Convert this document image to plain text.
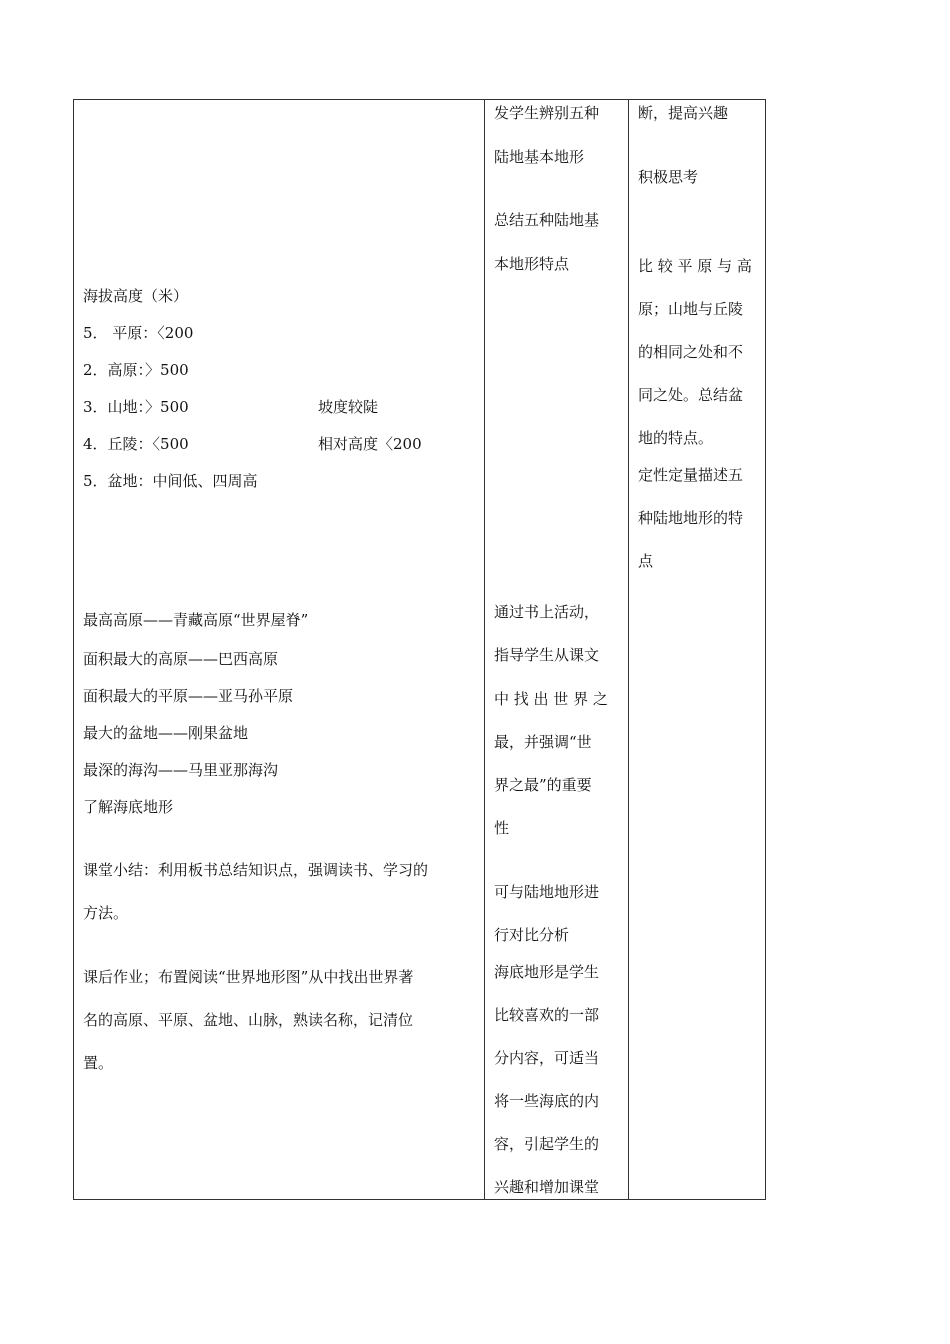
海拔高度（米）
5． 平原：〈200
2．高原：〉500
3．山地：〉500	坡度较陡
4．丘陵：〈500	相对高度〈200
5．盆地：中间低、四周高
最高高原——青藏高原“世界屋脊”
面积最大的高原——巴西高原
面积最大的平原——亚马孙平原
最大的盆地——刚果盆地
最深的海沟——马里亚那海沟
了解海底地形
课堂小结：利用板书总结知识点，强调读书、学习的
方法。
课后作业；布置阅读“世界地形图”从中找出世界著
名的高原、平原、盆地、山脉，熟读名称，记清位
置。
发学生辨别五种
陆地基本地形
总结五种陆地基
本地形特点
通过书上活动，
指导学生从课文
中 找 出 世 界 之
最，并强调“世
界之最”的重要
性
可与陆地地形进
行对比分析
海底地形是学生
比较喜欢的一部
分内容，可适当
将一些海底的内
容，引起学生的
兴趣和增加课堂
断，提高兴趣
积极思考
比 较 平 原 与 高
原；山地与丘陵
的相同之处和不
同之处。总结盆
地的特点。
定性定量描述五
种陆地地形的特
点
